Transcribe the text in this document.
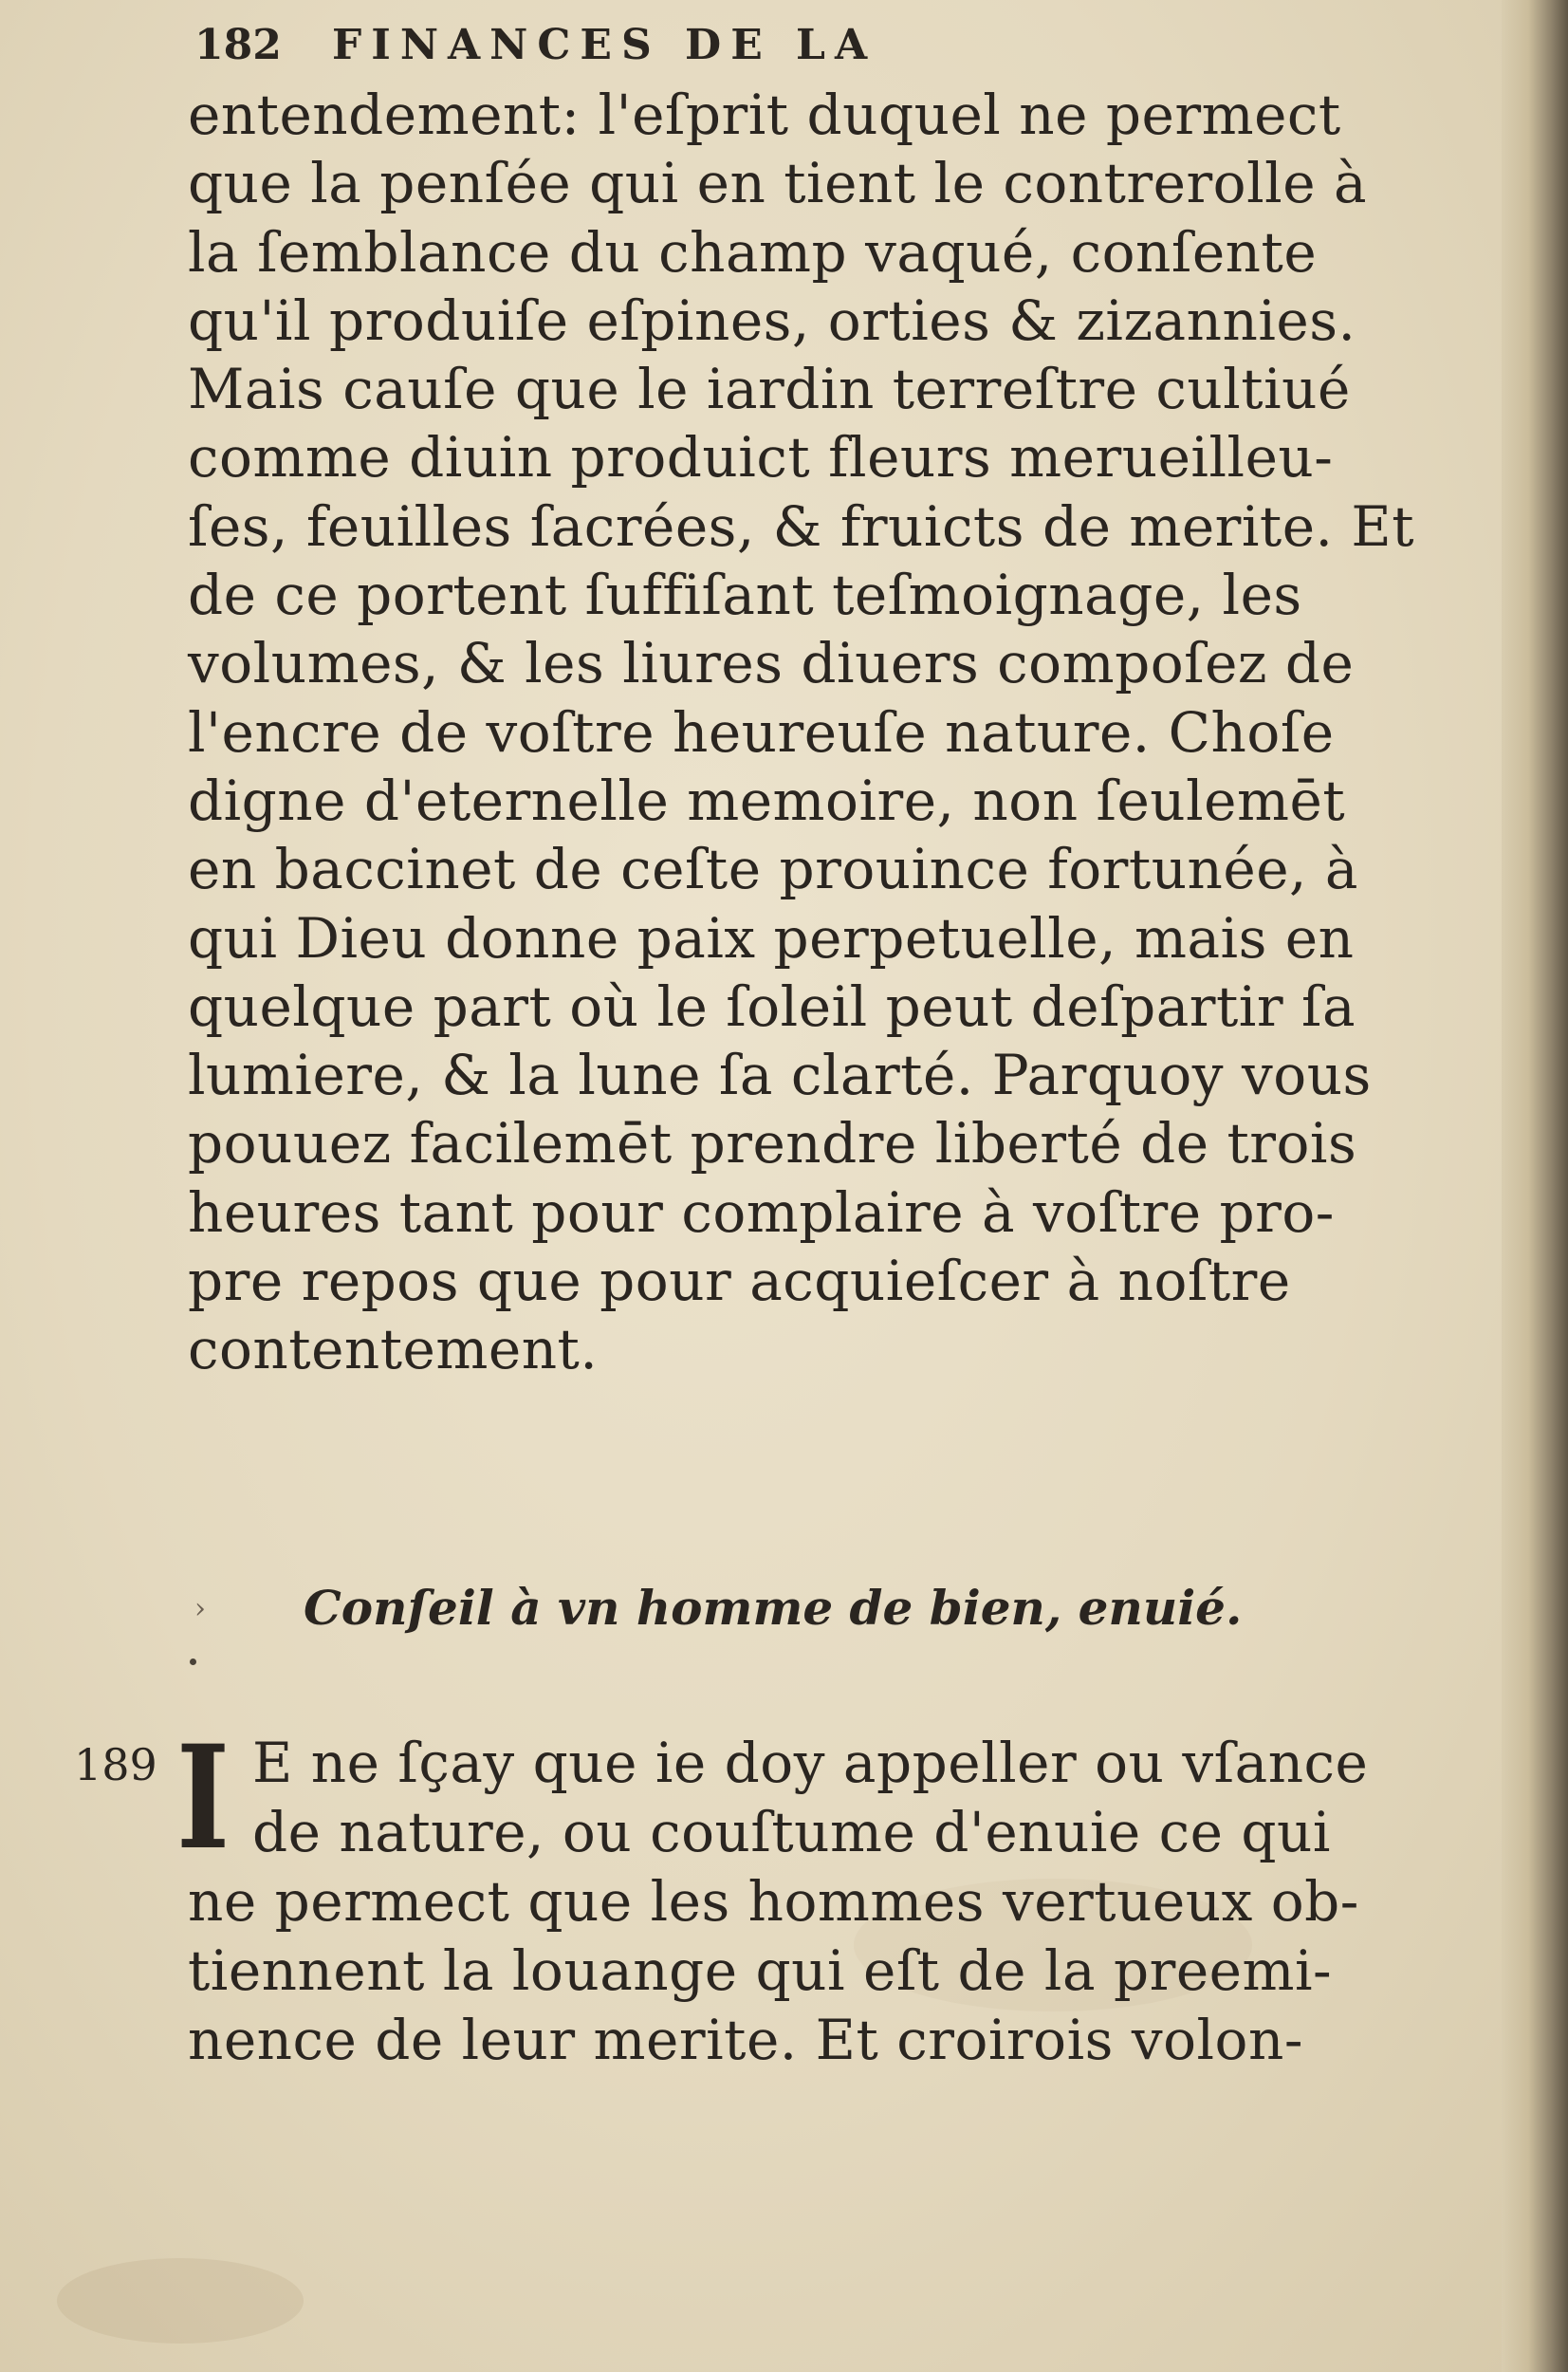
182 FINANCES DE LA
entendement: l'eſprit duquel ne permect
que la penſée qui en tient le contrerolle à
la ſemblance du champ vaqué, conſente
qu'il produiſe eſpines, orties & zizannies.
Mais cauſe que le iardin terreſtre cultiué
comme diuin produict fleurs merueilleu-
ſes, feuilles ſacrées, & fruicts de merite. Et
de ce portent ſuffiſant teſmoignage, les
volumes, & les liures diuers compoſez de
l'encre de voſtre heureuſe nature. Choſe
digne d'eternelle memoire, non ſeulemēt
en baccinet de ceſte prouince fortunée, à
qui Dieu donne paix perpetuelle, mais en
quelque part où le ſoleil peut deſpartir ſa
lumiere, & la lune ſa clarté. Parquoy vous
pouuez facilemēt prendre liberté de trois
heures tant pour complaire à voſtre pro-
pre repos que pour acquieſcer à noſtre
contentement.
› Conſeil à vn homme de bien, enuié.
189 I E ne ſçay que ie doy appeller ou vſance
de nature, ou couſtume d'enuie ce qui
ne permect que les hommes vertueux ob-
tiennent la louange qui eſt de la preemi-
nence de leur merite. Et croirois volon-
